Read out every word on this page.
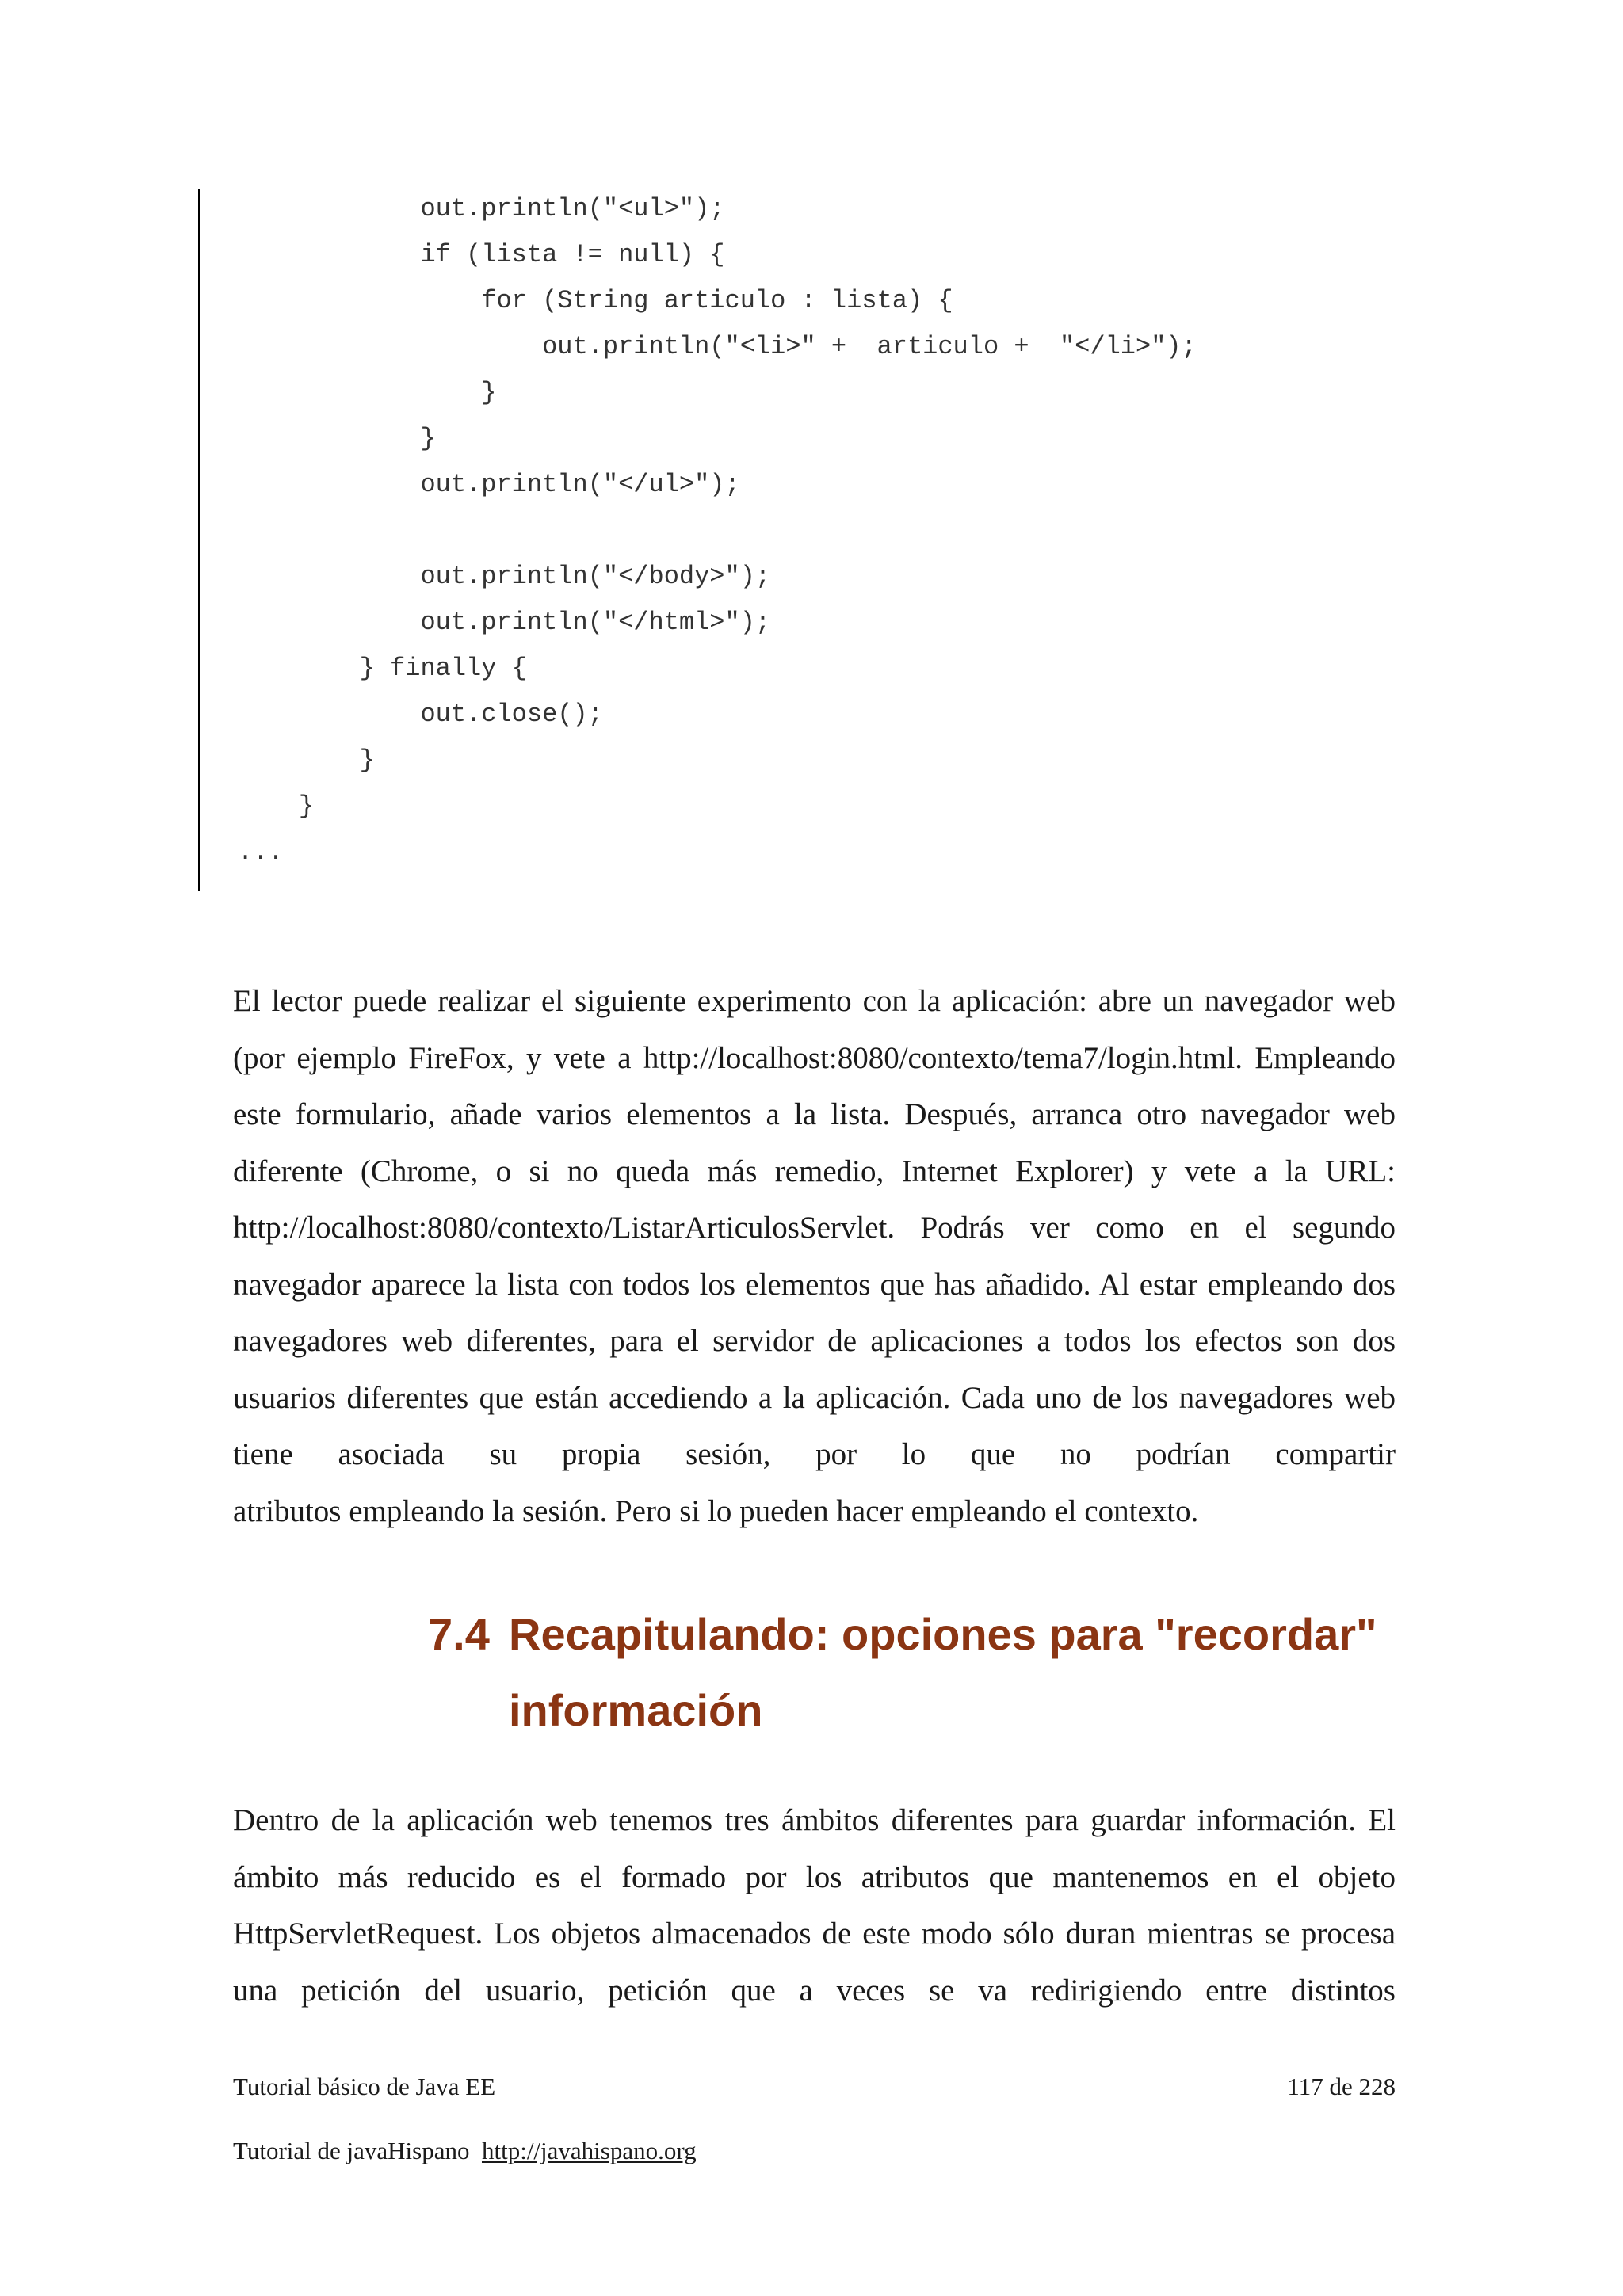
out.println("<ul>");
if (lista != null) {
for (String articulo : lista) {
out.println("<li>" +  articulo +  "</li>");
}
}
out.println("</ul>");
out.println("</body>");
out.println("</html>");
} finally {
out.close();
}
}
...

El lector puede realizar el siguiente experimento con la aplicación: abre un navegador web (por ejemplo FireFox, y vete a http://localhost:8080/contexto/tema7/login.html. Empleando este formulario, añade varios elementos a la lista. Después, arranca otro navegador web diferente (Chrome, o si no queda más remedio, Internet Explorer) y vete a la URL: http://localhost:8080/contexto/ListarArticulosServlet. Podrás ver como en el segundo navegador aparece la lista con todos los elementos que has añadido. Al estar empleando dos navegadores web diferentes, para el servidor de aplicaciones a todos los efectos son dos usuarios diferentes que están accediendo a la aplicación. Cada uno de los navegadores web tiene asociada su propia sesión, por lo que no podrían compartir
atributos empleando la sesión. Pero si lo pueden hacer empleando el contexto.

7.4 Recapitulando: opciones para "recordar"
información

Dentro de la aplicación web tenemos tres ámbitos diferentes para guardar información. El ámbito más reducido es el formado por los atributos que mantenemos en el objeto HttpServletRequest. Los objetos almacenados de este modo sólo duran mientras se procesa una petición del usuario, petición que a veces se va redirigiendo entre distintos

Tutorial básico de Java EE	117 de 228
Tutorial de javaHispano http://javahispano.org
